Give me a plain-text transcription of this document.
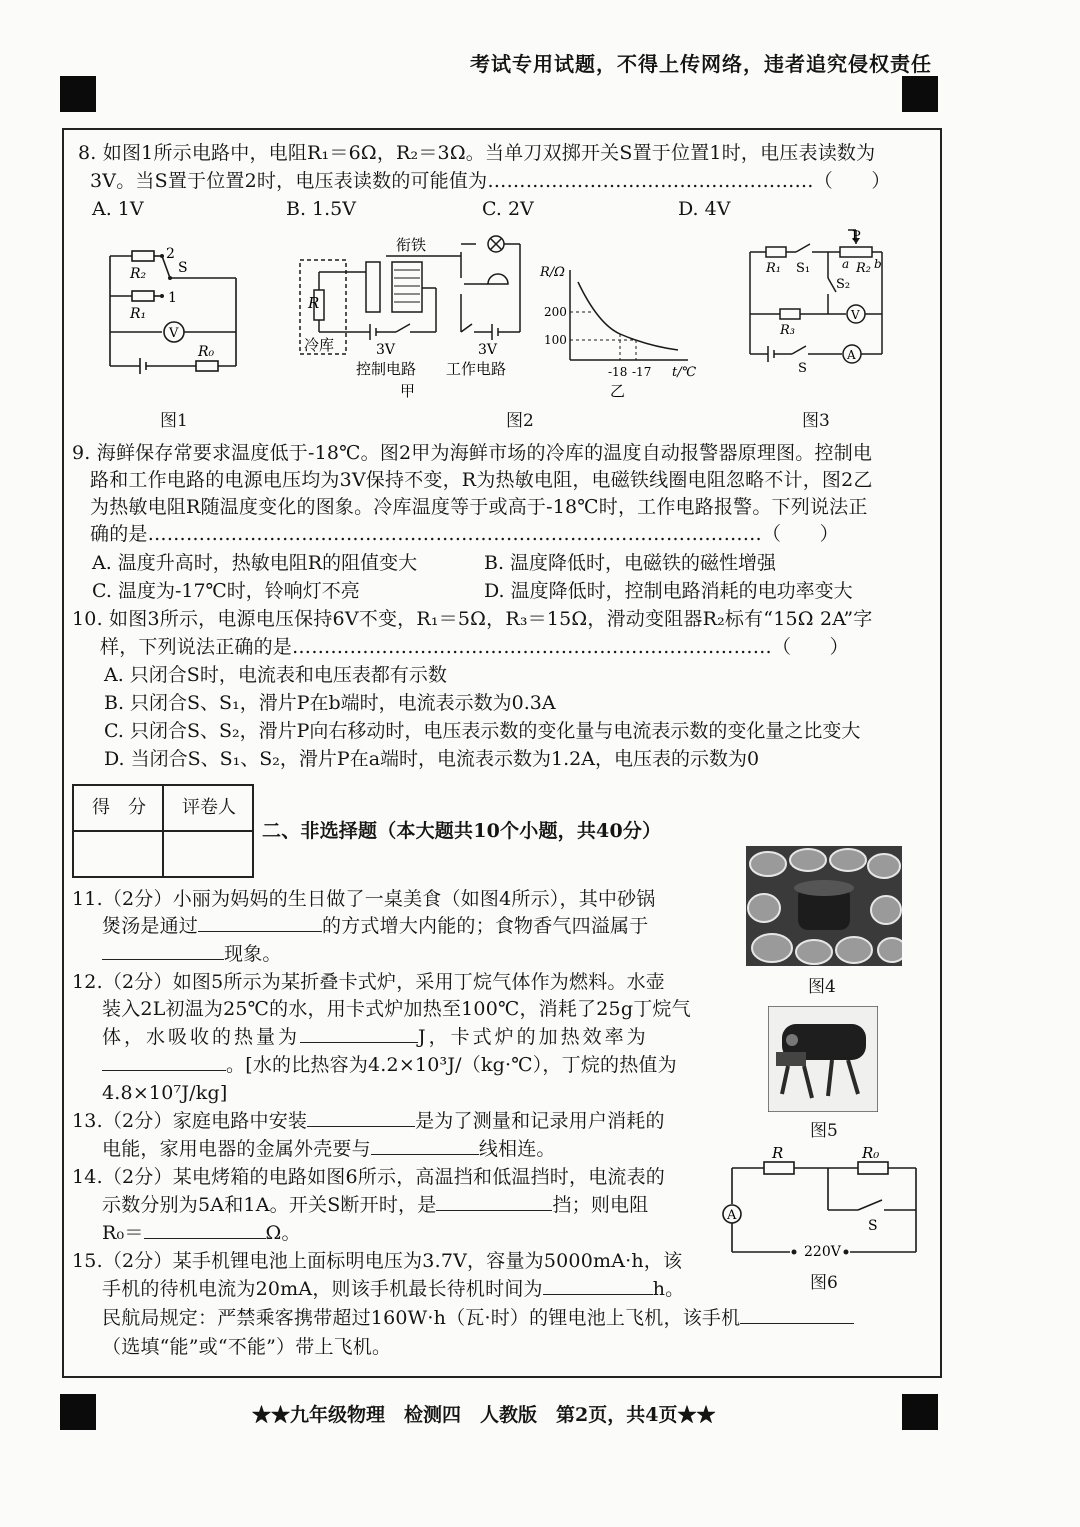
考试专用试题，不得上传网络，违者追究侵权责任
8. 如图1所示电路中，电阻R₁＝6Ω，R₂＝3Ω。当单刀双掷开关S置于位置1时，电压表读数为
3V。当S置于位置2时，电压表读数的可能值为……………………………………………（　　）
A. 1V	B. 1.5V	C. 2V	D. 4V
2
S
R₂
1
R₁
V
R₀
图1
衔铁
R
冷库	3V
控制电路
3V
工作电路
甲
R/Ω
200
100
-18 -17 t/℃
乙
图2
P
R₁ S₁	a b
R₂
S₂
R₃
V
S
A
图3
9. 海鲜保存常要求温度低于-18℃。图2甲为海鲜市场的冷库的温度自动报警器原理图。控制电
路和工作电路的电源电压均为3V保持不变，R为热敏电阻，电磁铁线圈电阻忽略不计，图2乙
为热敏电阻R随温度变化的图象。冷库温度等于或高于-18℃时，工作电路报警。下列说法正
确的是……………………………………………………………………………………（　　）
A. 温度升高时，热敏电阻R的阻值变大	B. 温度降低时，电磁铁的磁性增强
C. 温度为-17℃时，铃响灯不亮	D. 温度降低时，控制电路消耗的电功率变大
10. 如图3所示，电源电压保持6V不变，R₁＝5Ω，R₃＝15Ω，滑动变阻器R₂标有“15Ω 2A”字
样，下列说法正确的是…………………………………………………………………（　　）
A. 只闭合S时，电流表和电压表都有示数
B. 只闭合S、S₁，滑片P在b端时，电流表示数为0.3A
C. 只闭合S、S₂，滑片P向右移动时，电压表示数的变化量与电流表示数的变化量之比变大
D. 当闭合S、S₁、S₂，滑片P在a端时，电流表示数为1.2A，电压表的示数为0
得　分	评卷人
二、非选择题（本大题共10个小题，共40分）
图4
11.（2分）小丽为妈妈的生日做了一桌美食（如图4所示），其中砂锅
煲汤是通过	的方式增大内能的；食物香气四溢属于
现象。
12.（2分）如图5所示为某折叠卡式炉，采用丁烷气体作为燃料。水壶
装入2L初温为25℃的水，用卡式炉加热至100℃，消耗了25g丁烷气
体，水吸收的热量为	J，卡式炉的加热效率为
。[水的比热容为4.2×10³J/（kg·℃），丁烷的热值为
4.8×10⁷J/kg]
图5
13.（2分）家庭电路中安装	是为了测量和记录用户消耗的
电能，家用电器的金属外壳要与	线相连。
14.（2分）某电烤箱的电路如图6所示，高温挡和低温挡时，电流表的
示数分别为5A和1A。开关S断开时，是	挡；则电阻
R₀＝	Ω。
R	R₀
A
S
220V
图6
15.（2分）某手机锂电池上面标明电压为3.7V，容量为5000mA·h，该
手机的待机电流为20mA，则该手机最长待机时间为	h。
民航局规定：严禁乘客携带超过160W·h（瓦·时）的锂电池上飞机，该手机
（选填“能”或“不能”）带上飞机。
★★九年级物理　检测四　人教版　第2页，共4页★★
